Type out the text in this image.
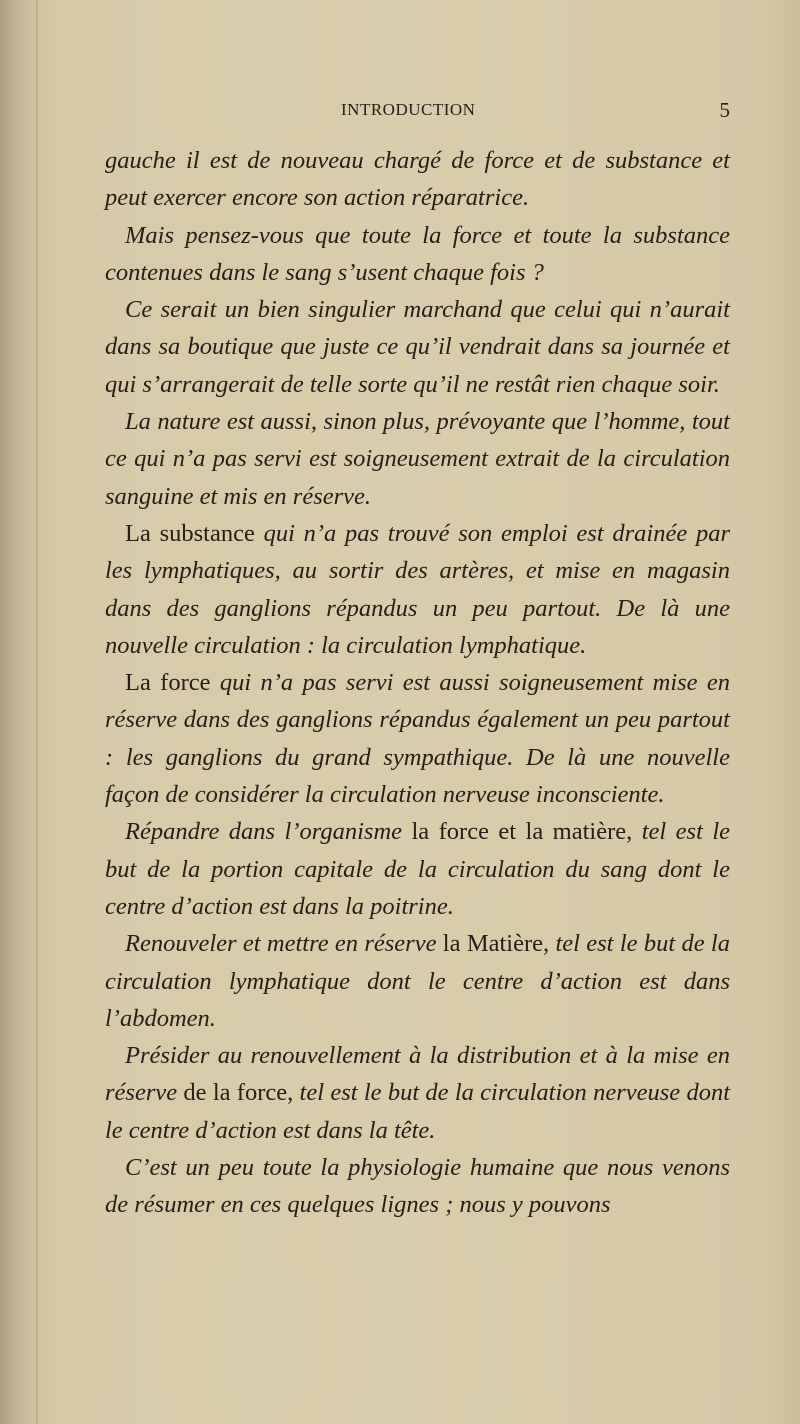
INTRODUCTION	5

gauche il est de nouveau chargé de force et de substance et peut exercer encore son action réparatrice.

Mais pensez-vous que toute la force et toute la substance contenues dans le sang s’usent chaque fois ?

Ce serait un bien singulier marchand que celui qui n’aurait dans sa boutique que juste ce qu’il vendrait dans sa journée et qui s’arrangerait de telle sorte qu’il ne restât rien chaque soir.

La nature est aussi, sinon plus, prévoyante que l’homme, tout ce qui n’a pas servi est soigneusement extrait de la circulation sanguine et mis en réserve.

La substance qui n’a pas trouvé son emploi est drainée par les lymphatiques, au sortir des artères, et mise en magasin dans des ganglions répandus un peu partout. De là une nouvelle circulation : la circulation lymphatique.

La force qui n’a pas servi est aussi soigneusement mise en réserve dans des ganglions répandus également un peu partout : les ganglions du grand sympathique. De là une nouvelle façon de considérer la circulation nerveuse inconsciente.

Répandre dans l’organisme la force et la matière, tel est le but de la portion capitale de la circulation du sang dont le centre d’action est dans la poitrine.

Renouveler et mettre en réserve la Matière, tel est le but de la circulation lymphatique dont le centre d’action est dans l’abdomen.

Présider au renouvellement à la distribution et à la mise en réserve de la force, tel est le but de la circulation nerveuse dont le centre d’action est dans la tête.

C’est un peu toute la physiologie humaine que nous venons de résumer en ces quelques lignes ; nous y pouvons
